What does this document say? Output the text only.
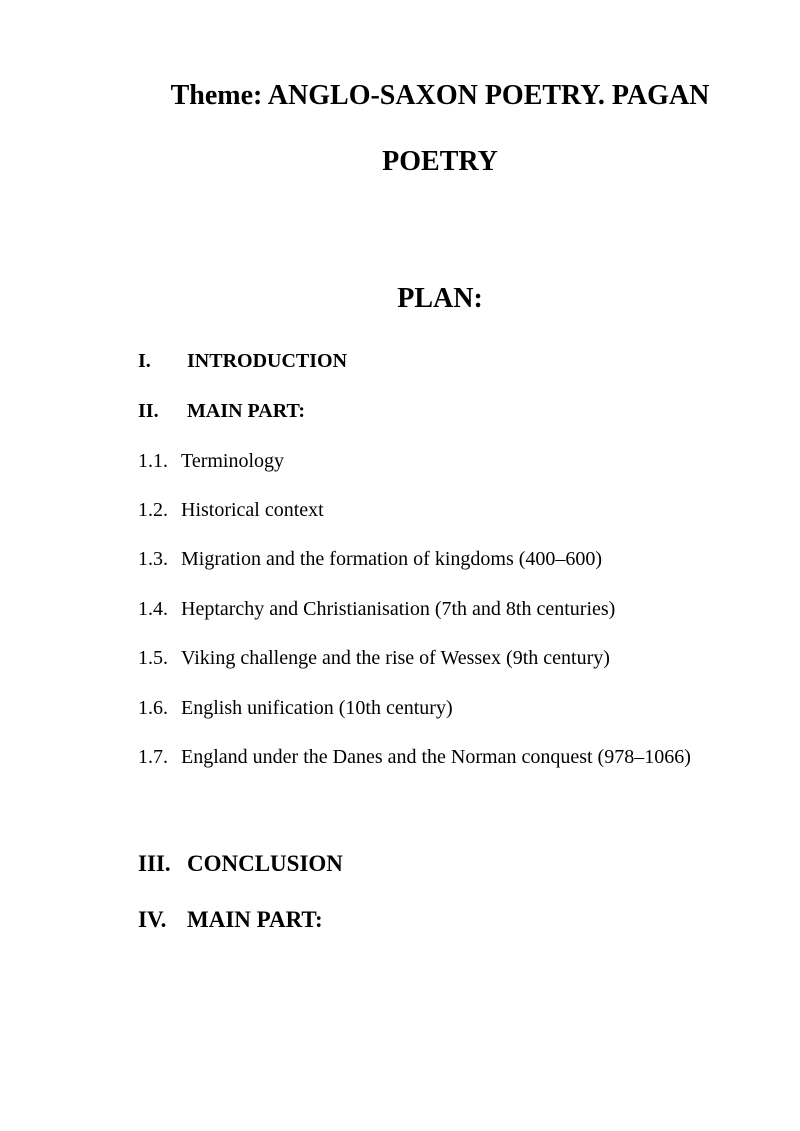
Theme: ANGLO-SAXON POETRY. PAGAN
POETRY
PLAN:
I. INTRODUCTION
II. MAIN PART:
1.1. Terminology
1.2. Historical context
1.3. Migration and the formation of kingdoms (400–600)
1.4. Heptarchy and Christianisation (7th and 8th centuries)
1.5. Viking challenge and the rise of Wessex (9th century)
1.6. English unification (10th century)
1.7. England under the Danes and the Norman conquest (978–1066)
III. CONCLUSION
IV. MAIN PART:
